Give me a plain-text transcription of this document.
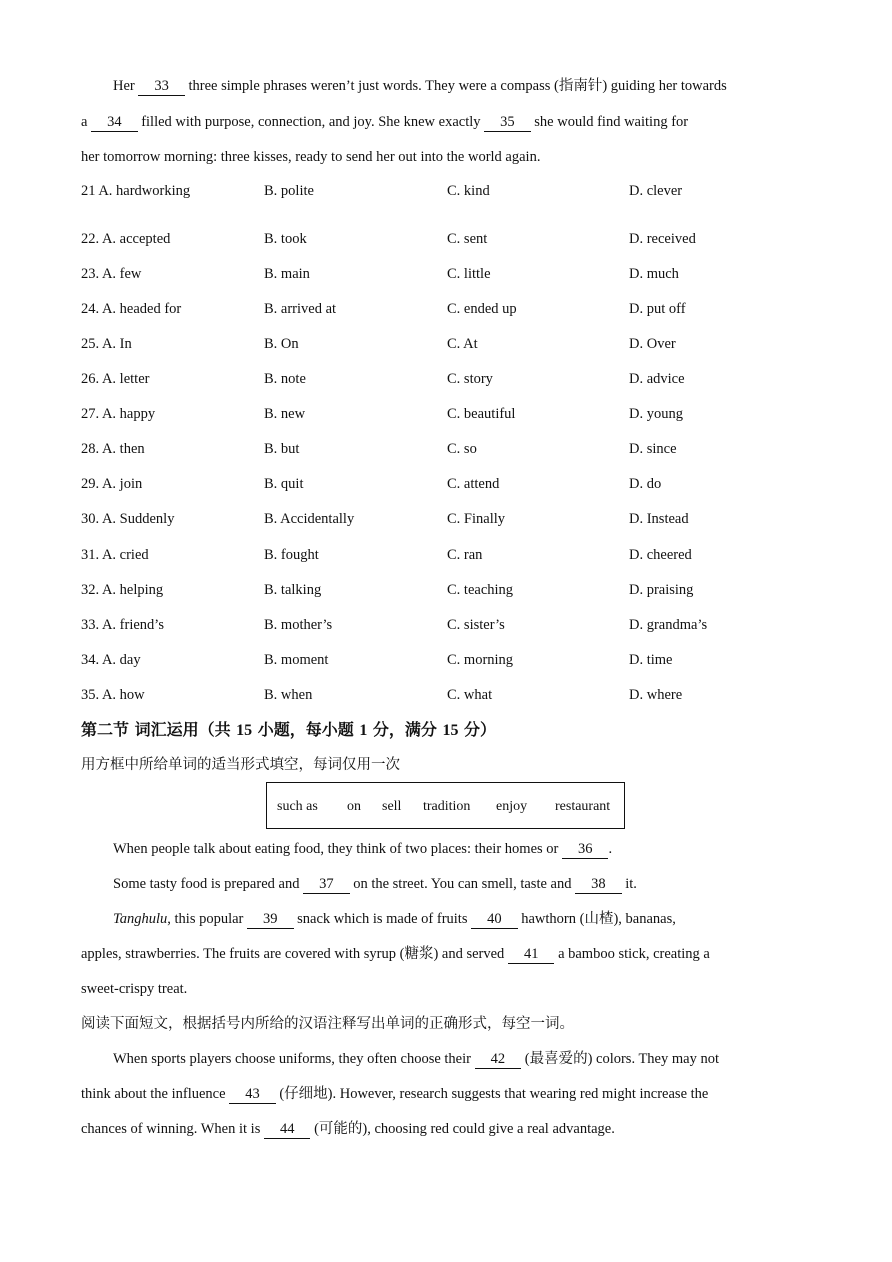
Her 33 three simple phrases weren’t just words. They were a compass (指南针) guiding her towards
a 34 filled with purpose, connection, and joy. She knew exactly 35 she would find waiting for
her tomorrow morning: three kisses, ready to send her out into the world again.
21 A. hardworking	B. polite	C. kind	D. clever
22. A. accepted	B. took	C. sent	D. received
23. A. few	B. main	C. little	D. much
24. A. headed for	B. arrived at	C. ended up	D. put off
25. A. In	B. On	C. At	D. Over
26. A. letter	B. note	C. story	D. advice
27. A. happy	B. new	C. beautiful	D. young
28. A. then	B. but	C. so	D. since
29. A. join	B. quit	C. attend	D. do
30. A. Suddenly	B. Accidentally	C. Finally	D. Instead
31. A. cried	B. fought	C. ran	D. cheered
32. A. helping	B. talking	C. teaching	D. praising
33. A. friend’s	B. mother’s	C. sister’s	D. grandma’s
34. A. day	B. moment	C. morning	D. time
35. A. how	B. when	C. what	D. where
第二节 词汇运用（共 15 小题，每小题 1 分，满分 15 分）
用方框中所给单词的适当形式填空，每词仅用一次
such as on sell tradition enjoy restaurant
When people talk about eating food, they think of two places: their homes or 36 .
Some tasty food is prepared and 37 on the street. You can smell, taste and 38 it.
Tanghulu, this popular 39 snack which is made of fruits 40 hawthorn (山楂), bananas,
apples, strawberries. The fruits are covered with syrup (糖浆) and served 41 a bamboo stick, creating a
sweet-crispy treat.
阅读下面短文，根据括号内所给的汉语注释写出单词的正确形式，每空一词。
When sports players choose uniforms, they often choose their 42 (最喜爱的) colors. They may not
think about the influence 43 (仔细地). However, research suggests that wearing red might increase the
chances of winning. When it is 44 (可能的), choosing red could give a real advantage.
